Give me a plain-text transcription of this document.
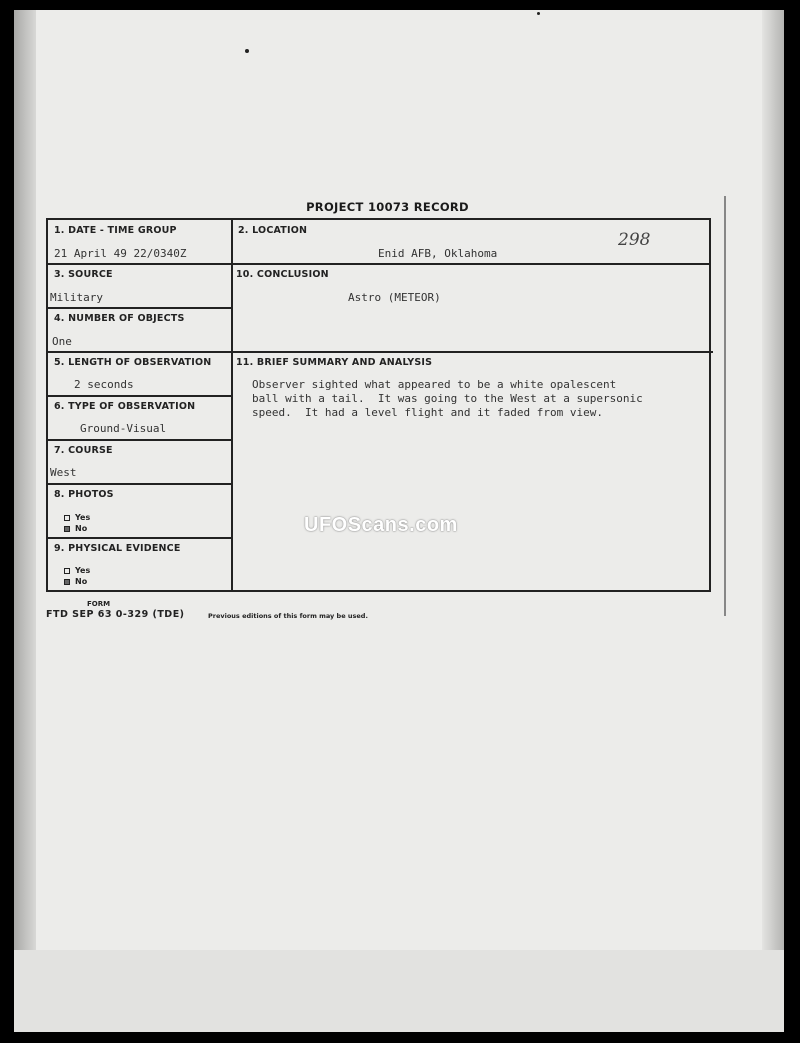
PROJECT 10073 RECORD
298
1. DATE - TIME GROUP
21 April 49 22/0340Z
2. LOCATION
Enid AFB, Oklahoma
3. SOURCE
Military
10. CONCLUSION
Astro (METEOR)
4. NUMBER OF OBJECTS
One
5. LENGTH OF OBSERVATION
2 seconds
11. BRIEF SUMMARY AND ANALYSIS
Observer sighted what appeared to be a white opalescent
ball with a tail.  It was going to the West at a supersonic
speed.  It had a level flight and it faded from view.
6. TYPE OF OBSERVATION
Ground-Visual
7. COURSE
West
8. PHOTOS
Yes
No
9. PHYSICAL EVIDENCE
Yes
No
UFOScans.com
FORM
FTD SEP 63 0-329 (TDE)	Previous editions of this form may be used.
